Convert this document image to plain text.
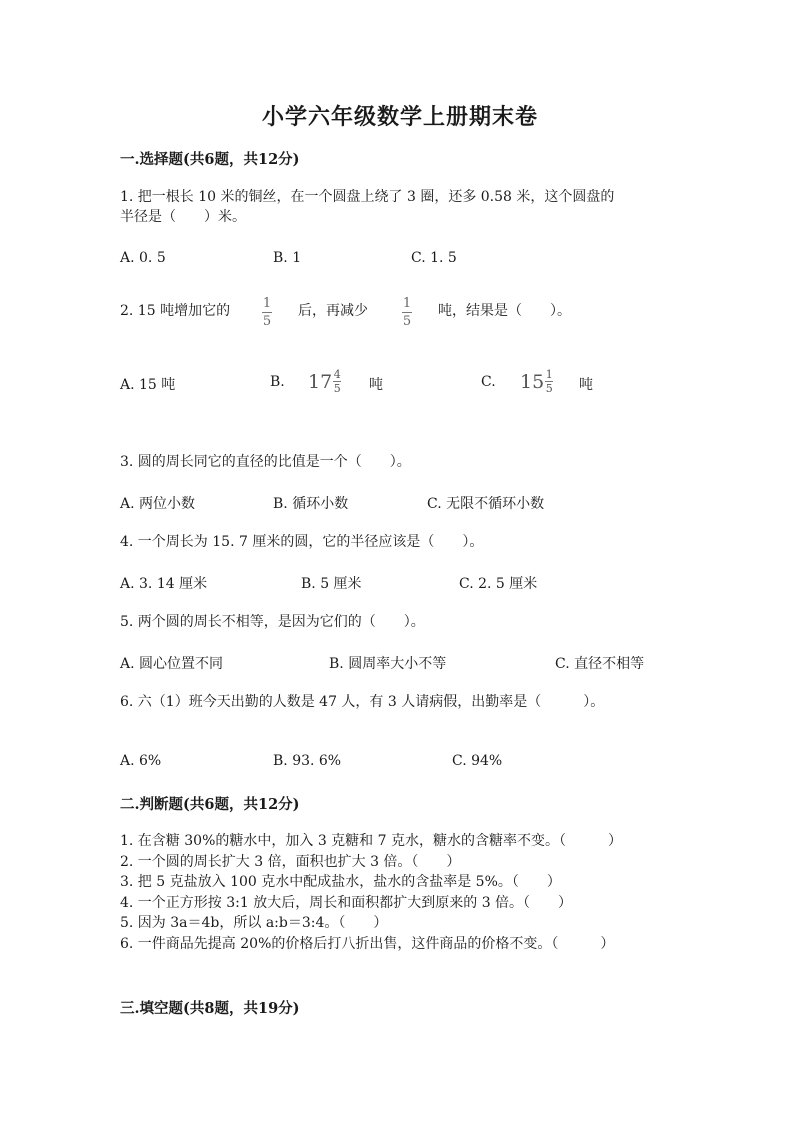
小学六年级数学上册期末卷
一.选择题(共6题，共12分)
1. 把一根长 10 米的铜丝，在一个圆盘上绕了 3 圈，还多 0.58 米，这个圆盘的
半径是（　　）米。
A. 0. 5	B. 1	C. 1. 5
2. 15 吨增加它的	1
5
后，再减少	1
5
吨，结果是（　　）。
A. 15 吨	B. $17 \frac{4}{5}$ 吨	C. $15 \frac{1}{5}$ 吨
3. 圆的周长同它的直径的比值是一个（　　）。
A. 两位小数	B. 循环小数	C. 无限不循环小数
4. 一个周长为 15. 7 厘米的圆，它的半径应该是（　　）。
A. 3. 14 厘米	B. 5 厘米	C. 2. 5 厘米
5. 两个圆的周长不相等，是因为它们的（　　）。
A. 圆心位置不同	B. 圆周率大小不等	C. 直径不相等
6. 六（1）班今天出勤的人数是 47 人，有 3 人请病假，出勤率是（　　　）。
A. 6%	B. 93. 6%	C. 94%
二.判断题(共6题，共12分)
1. 在含糖 30%的糖水中，加入 3 克糖和 7 克水，糖水的含糖率不变。（　　　）
2. 一个圆的周长扩大 3 倍，面积也扩大 3 倍。（　　）
3. 把 5 克盐放入 100 克水中配成盐水，盐水的含盐率是 5%。（　　）
4. 一个正方形按 3:1 放大后，周长和面积都扩大到原来的 3 倍。（　　）
5. 因为 3a＝4b，所以 a:b＝3:4。（　　）
6. 一件商品先提高 20%的价格后打八折出售，这件商品的价格不变。（　　　）
三.填空题(共8题，共19分)
